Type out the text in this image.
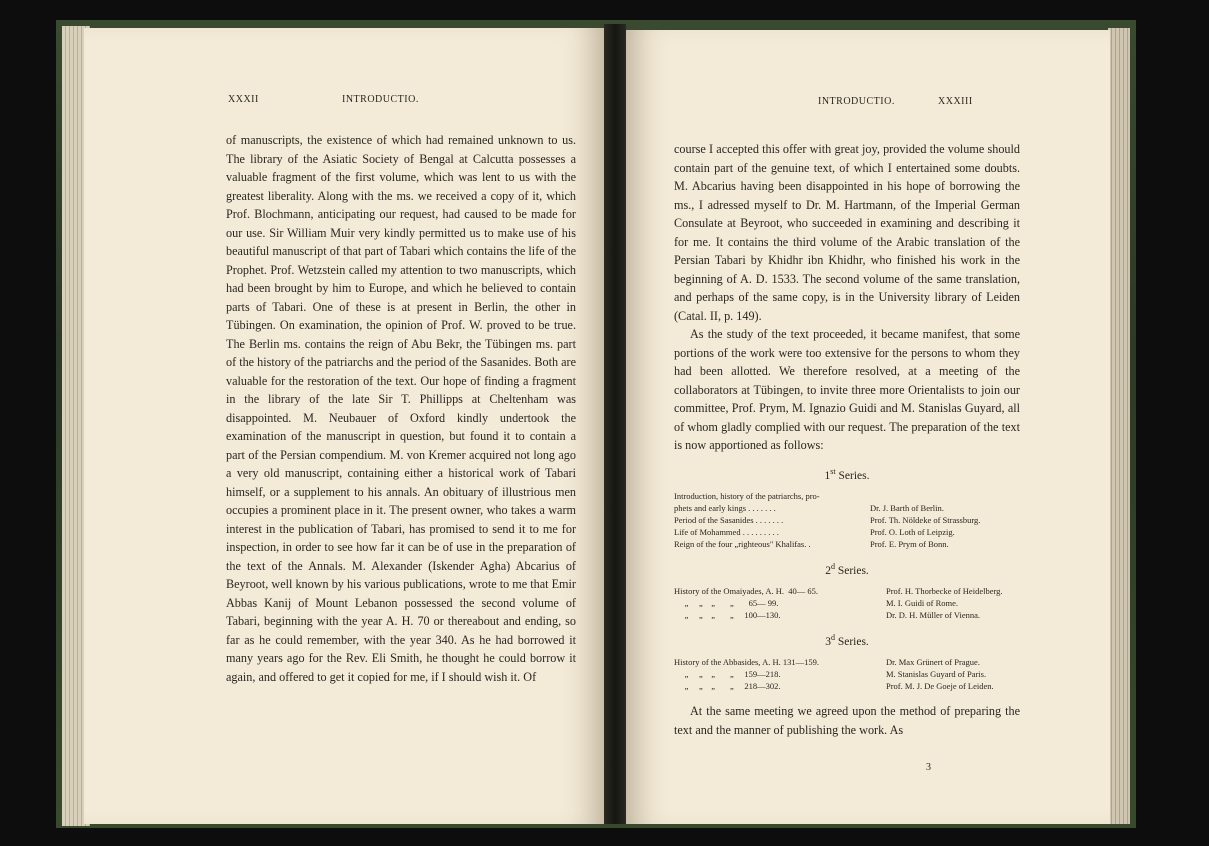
XXXII	INTRODUCTIO.

of manuscripts, the existence of which had remained unknown to us. The library of the Asiatic Society of Bengal at Calcutta possesses a valuable fragment of the first volume, which was lent to us with the greatest liberality. Along with the ms. we received a copy of it, which Prof. Blochmann, anticipating our request, had caused to be made for our use. Sir William Muir very kindly permitted us to make use of his beautiful manuscript of that part of Tabari which contains the life of the Prophet. Prof. Wetzstein called my attention to two manuscripts, which had been brought by him to Europe, and which he believed to contain parts of Tabari. One of these is at present in Berlin, the other in Tübingen. On examination, the opinion of Prof. W. proved to be true. The Berlin ms. contains the reign of Abu Bekr, the Tübingen ms. part of the history of the patriarchs and the period of the Sasanides. Both are valuable for the restoration of the text. Our hope of finding a fragment in the library of the late Sir T. Phillipps at Cheltenham was disappointed. M. Neubauer of Oxford kindly undertook the examination of the manuscript in question, but found it to contain a part of the Persian compendium. M. von Kremer acquired not long ago a very old manuscript, containing either a historical work of Tabari himself, or a supplement to his annals. An obituary of illustrious men occupies a prominent place in it. The present owner, who takes a warm interest in the publication of Tabari, has promised to send it to me for inspection, in order to see how far it can be of use in the preparation of the text of the Annals. M. Alexander (Iskender Agha) Abcarius of Beyroot, well known by his various publications, wrote to me that Emir Abbas Kanij of Mount Lebanon possessed the second volume of Tabari, beginning with the year A. H. 70 or thereabout and ending, so far as he could remember, with the year 340. As he had borrowed it many years ago for the Rev. Eli Smith, he thought he could borrow it again, and offered to get it copied for me, if I should wish it. Of

INTRODUCTIO.	XXXIII

course I accepted this offer with great joy, provided the volume should contain part of the genuine text, of which I entertained some doubts. M. Abcarius having been disappointed in his hope of borrowing the ms., I adressed myself to Dr. M. Hartmann, of the Imperial German Consulate at Beyroot, who succeeded in examining and describing it for me. It contains the third volume of the Arabic translation of the Persian Tabari by Khidhr ibn Khidhr, who finished his work in the beginning of A. D. 1533. The second volume of the same translation, and perhaps of the same copy, is in the University library of Leiden (Catal. II, p. 149).

As the study of the text proceeded, it became manifest, that some portions of the work were too extensive for the persons to whom they had been allotted. We therefore resolved, at a meeting of the collaborators at Tübingen, to invite three more Orientalists to join our committee, Prof. Prym, M. Ignazio Guidi and M. Stanislas Guyard, all of whom gladly complied with our request. The preparation of the text is now apportioned as follows:

1st Series.
Introduction, history of the patriarchs, pro-
phets and early kings . . . . . . .	Dr. J. Barth of Berlin.
Period of the Sasanides . . . . . . .	Prof. Th. Nöldeke of Strassburg.
Life of Mohammed . . . . . . . . .	Prof. O. Loth of Leipzig.
Reign of the four „righteous" Khalifas. .	Prof. E. Prym of Bonn.
2$^d$ Series.
History of the Omaiyades, A. H.  40— 65.	Prof. H. Thorbecke of Heidelberg.
„     „    „       „       65— 99.	M. I. Guidi of Rome.
„     „    „       „     100—130.	Dr. D. H. Müller of Vienna.
3$^d$ Series.
History of the Abbasides, A. H. 131—159.	Dr. Max Grünert of Prague.
„     „    „       „     159—218.	M. Stanislas Guyard of Paris.
„     „    „       „     218—302.	Prof. M. J. De Goeje of Leiden.

At the same meeting we agreed upon the method of preparing the text and the manner of publishing the work. As

3
